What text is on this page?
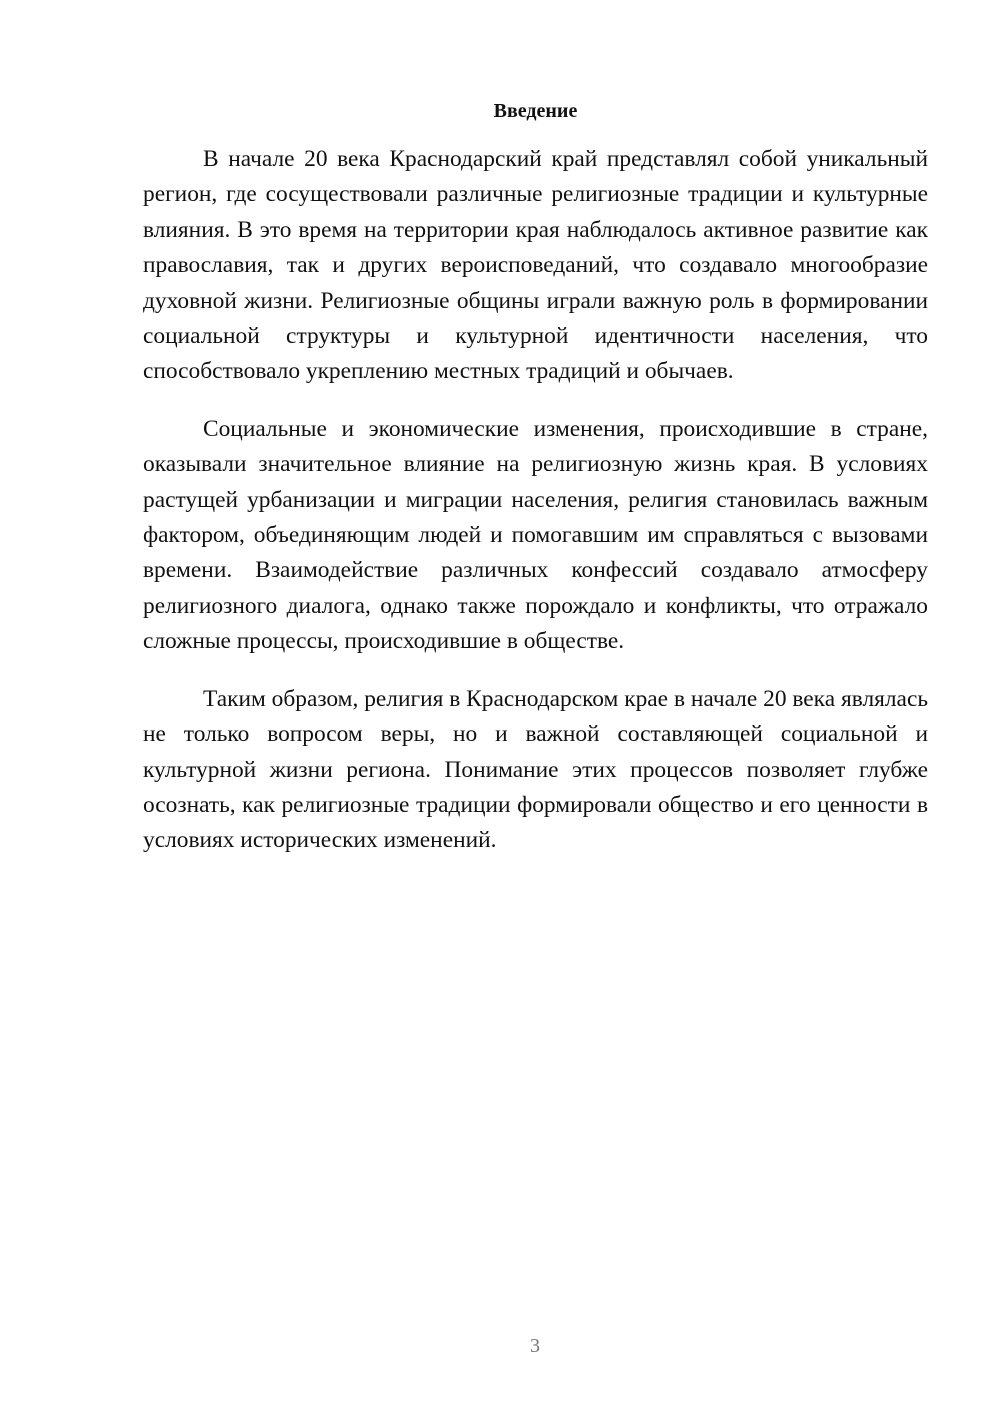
Введение

В начале 20 века Краснодарский край представлял собой уникальный регион, где сосуществовали различные религиозные традиции и культурные влияния. В это время на территории края наблюдалось активное развитие как православия, так и других вероисповеданий, что создавало многообразие духовной жизни. Религиозные общины играли важную роль в формировании социальной структуры и культурной идентичности населения, что способствовало укреплению местных традиций и обычаев.

Социальные и экономические изменения, происходившие в стране, оказывали значительное влияние на религиозную жизнь края. В условиях растущей урбанизации и миграции населения, религия становилась важным фактором, объединяющим людей и помогавшим им справляться с вызовами времени. Взаимодействие различных конфессий создавало атмосферу религиозного диалога, однако также порождало и конфликты, что отражало сложные процессы, происходившие в обществе.

Таким образом, религия в Краснодарском крае в начале 20 века являлась не только вопросом веры, но и важной составляющей социальной и культурной жизни региона. Понимание этих процессов позволяет глубже осознать, как религиозные традиции формировали общество и его ценности в условиях исторических изменений.

3
